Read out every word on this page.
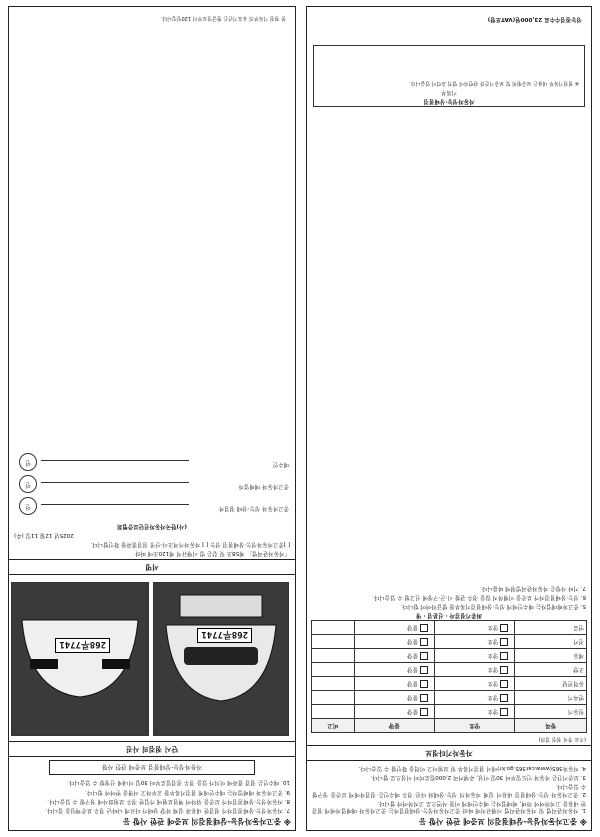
※ 중고자동차성능·상태점검의 보증에 관한 사항 등
1. 자동차관리법 및 자동차관리법 시행규칙에 따라 중고자동차성능·상태점검자는 중고자동차 매매업자에게 점검한 내용을 고지하여야 하며, 매매업자는 매수인에게 이를 서면으로 고지하여야 합니다.
2. 중고자동차 성능·상태점검 내용이 실제 자동차의 성능·상태와 다른 경우 매수인은 점검자에게 보증을 청구할 수 있습니다.
3. 보증기간은 자동차 인도일부터 30일 이상, 주행거리 2,000킬로미터 이상으로 합니다.
4. 자동차365(www.car365.go.kr)에서 점검기록부 및 보험사고 이력을 확인할 수 있습니다.
자동차기타정보
(주요 장치 점검 결과)
항목	양호	불량	비고
원동기	양호	불량	
변속기	양호	불량	
동력전달	양호	불량	
조향	양호	불량	
제동	양호	불량	
전기	양호	불량	
연료	양호	불량	
최종기점검자 · 신분검 · 명
5. 중고차매매업자는 매수인에게 성능·상태점검기록부를 발급하여야 합니다.
6. 성능·상태점검자가 보증을 이행하지 않을 경우 관할 시·군·구청에 신고할 수 있습니다.
7. 기타 사항은 자동차관리법령에 따릅니다.
자동차성능·상태점검
기록부
※ 점검기록부 내용은 보증범위 및 보증기간과 관련하여 법적 효력이 있습니다.
성능점검수수료 23,000원(VAT포함)
※ 중고자동차성능·상태점검의 보증에 관한 사항 등
7. 자동차성능·상태점검자가 점검한 내용과 실제 차량 상태가 다르게 나타난 경우 보증책임을 집니다.
8. 자동차성능·상태점검자가 보증을 위하여 책임보험에 가입한 경우 보험회사에 청구할 수 있습니다.
9. 중고자동차 매매업자는 매수인에게 점검기록부를 교부하고 서명을 받아야 합니다.
10. 매수인은 점검 결과에 이의가 있을 경우 점검일로부터 30일 이내에 신청할 수 있습니다.
자동차성능·상태점검 보증에 관한 사항
단시 점검의 사진
268루7741
268루7741
서명
「자동차관리법」 제58조 및 같은 법 시행규칙 제120조에 따라
[ ]중고자동차성능·상태점검 성능 [ ] 자동차가격조사·산정 점검결과를 확인합니다.
2025년 12월 11일 (주)
(사)한국자동차진단보증협회
중고자동차 성능·상태 점검자
인
중고자동차 매매업자
인
매수인
인
본 점검 기록부의 유효기간은 발급일로부터 120일입니다.
